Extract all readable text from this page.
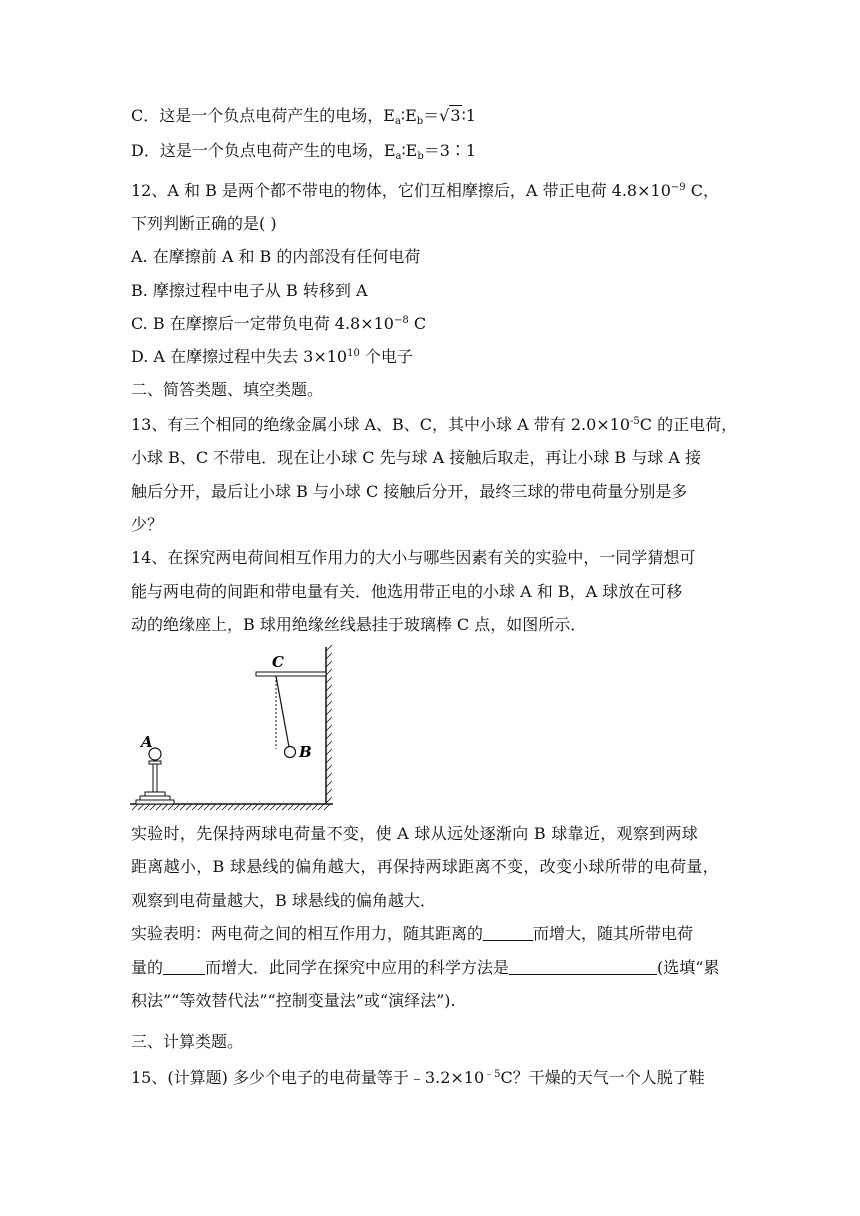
C．这是一个负点电荷产生的电场，$E_a∶E_b=√3∶1$
D．这是一个负点电荷产生的电场，$E_a∶E_b=3∶1$
12、A 和 B 是两个都不带电的物体，它们互相摩擦后，A 带正电荷 $4.8\times 10^{-9}$ C，
下列判断正确的是( )
A. 在摩擦前 A 和 B 的内部没有任何电荷
B. 摩擦过程中电子从 B 转移到 A
C. B 在摩擦后一定带负电荷 $4.8\times 10^{-8}$ C
D. A 在摩擦过程中失去 $3\times 10^{10}$ 个电子
二、简答类题、填空类题。
13、有三个相同的绝缘金属小球 A、B、C，其中小球 A 带有 $2.0\times 10^{-5}C$ 的正电荷，
小球 B、C 不带电．现在让小球 C 先与球 A 接触后取走，再让小球 B 与球 A 接
触后分开，最后让小球 B 与小球 C 接触后分开，最终三球的带电荷量分别是多
少？
14、在探究两电荷间相互作用力的大小与哪些因素有关的实验中，一同学猜想可
能与两电荷的间距和带电量有关．他选用带正电的小球 A 和 B，A 球放在可移
动的绝缘座上，B 球用绝缘丝线悬挂于玻璃棒 C 点，如图所示．
C
B
A
实验时，先保持两球电荷量不变，使 A 球从远处逐渐向 B 球靠近，观察到两球
距离越小，B 球悬线的偏角越大，再保持两球距离不变，改变小球所带的电荷量，
观察到电荷量越大，B 球悬线的偏角越大．
实验表明：两电荷之间的相互作用力，随其距离的	而增大，随其所带电荷
量的	而增大．此同学在探究中应用的科学方法是	(选填“累
积法”“等效替代法”“控制变量法”或“演绎法”).
三、计算类题。
15、(计算题) 多少个电子的电荷量等于$﹣3.2\times 10^{﹣5}C$？干燥的天气一个人脱了鞋
